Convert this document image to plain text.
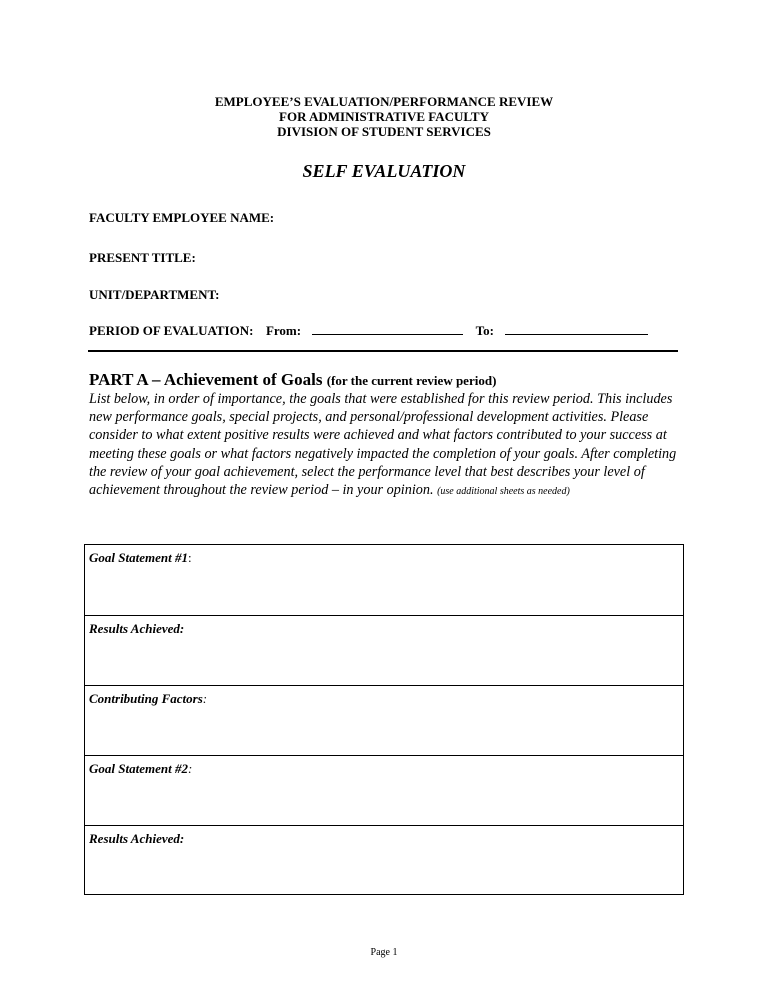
EMPLOYEE’S EVALUATION/PERFORMANCE REVIEW
FOR ADMINISTRATIVE FACULTY
DIVISION OF STUDENT SERVICES
SELF EVALUATION
FACULTY EMPLOYEE NAME:
PRESENT TITLE:
UNIT/DEPARTMENT:
PERIOD OF EVALUATION: From:	To:
PART A – Achievement of Goals (for the current review period)
List below, in order of importance, the goals that were established for this review period. This includes new performance goals, special projects, and personal/professional development activities. Please consider to what extent positive results were achieved and what factors contributed to your success at meeting these goals or what factors negatively impacted the completion of your goals. After completing the review of your goal achievement, select the performance level that best describes your level of achievement throughout the review period – in your opinion. (use additional sheets as needed)
Goal Statement #1:
Results Achieved:
Contributing Factors:
Goal Statement #2:
Results Achieved:
Page 1
